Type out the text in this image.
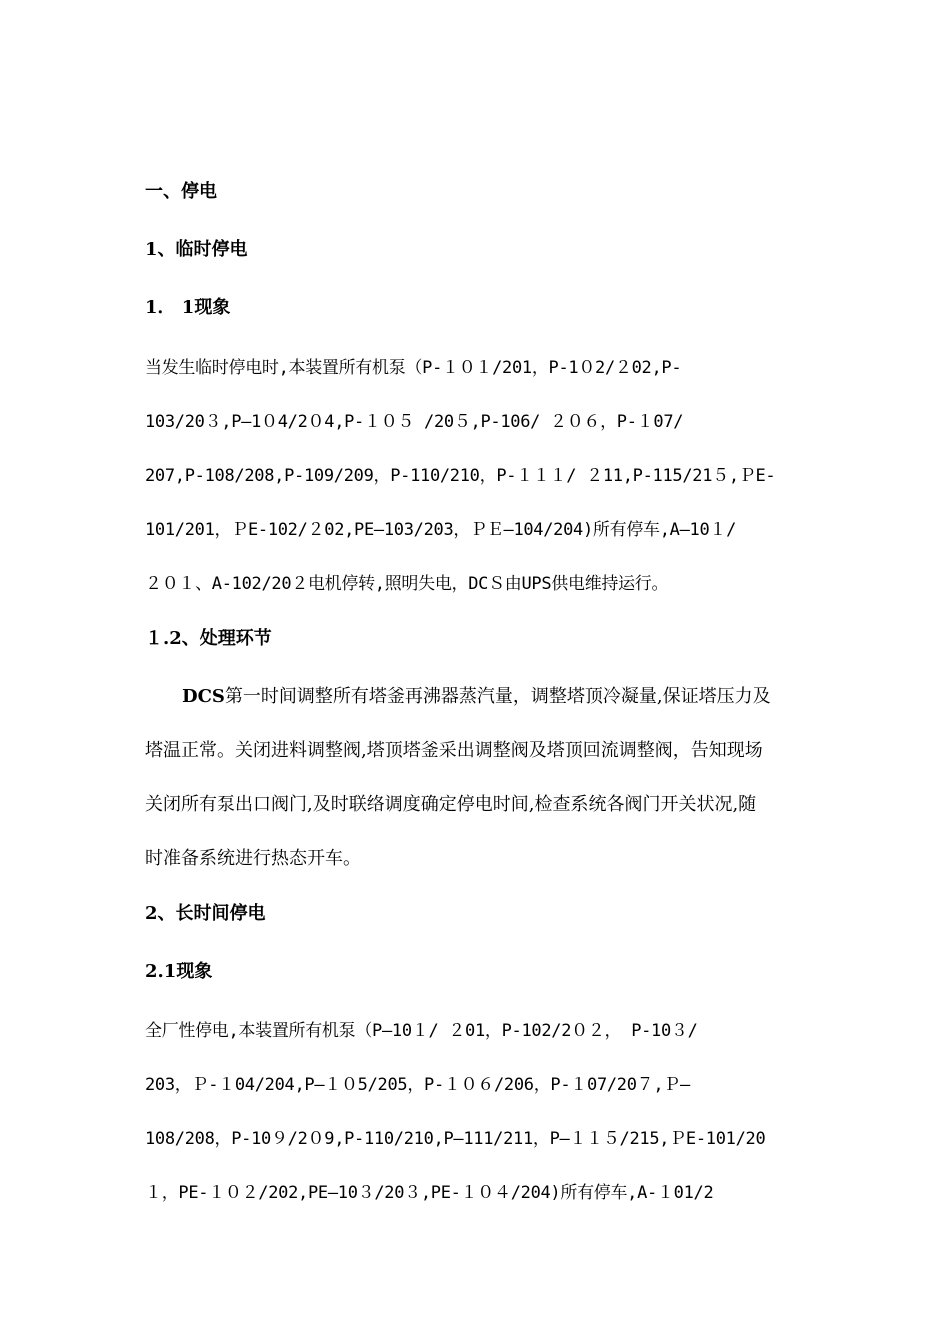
一、停电
1、临时停电
1． 1现象
当发生临时停电时,本装置所有机泵（P-１０１/201，P-1０2/２02,P-
103/20３,P—1０4/2０4,P-１０５ /20５,P-106/ ２０６，P-１07/
207,P-108/208,P-109/209，P-110/210，P-１１１/ ２11,P-115/21５,ＰE-
101/201，ＰE-102/２02,PE—103/203，ＰＥ—104/204)所有停车,A—10１/
２０１、A-102/20２电机停转,照明失电，DCＳ由UPS供电维持运行。
１.2、处理环节
DCS第一时间调整所有塔釜再沸器蒸汽量，调整塔顶冷凝量,保证塔压力及
塔温正常。关闭进料调整阀,塔顶塔釜采出调整阀及塔顶回流调整阀，告知现场
关闭所有泵出口阀门,及时联络调度确定停电时间,检查系统各阀门开关状况,随
时准备系统进行热态开车。
2、长时间停电
2.1现象
全厂性停电,本装置所有机泵（P—10１/ ２01，P-102/2０２， P-10３/
203，Ｐ-１04/204,P—１０5/205，P-１０６/206，P-１07/20７,Ｐ—
108/208，P-10９/2０9,P-110/210,P—111/211，P—１１５/215,ＰE-101/20
１，PE-１０２/202,PE—10３/20３,PE-１０４/204)所有停车,A-１01/2
